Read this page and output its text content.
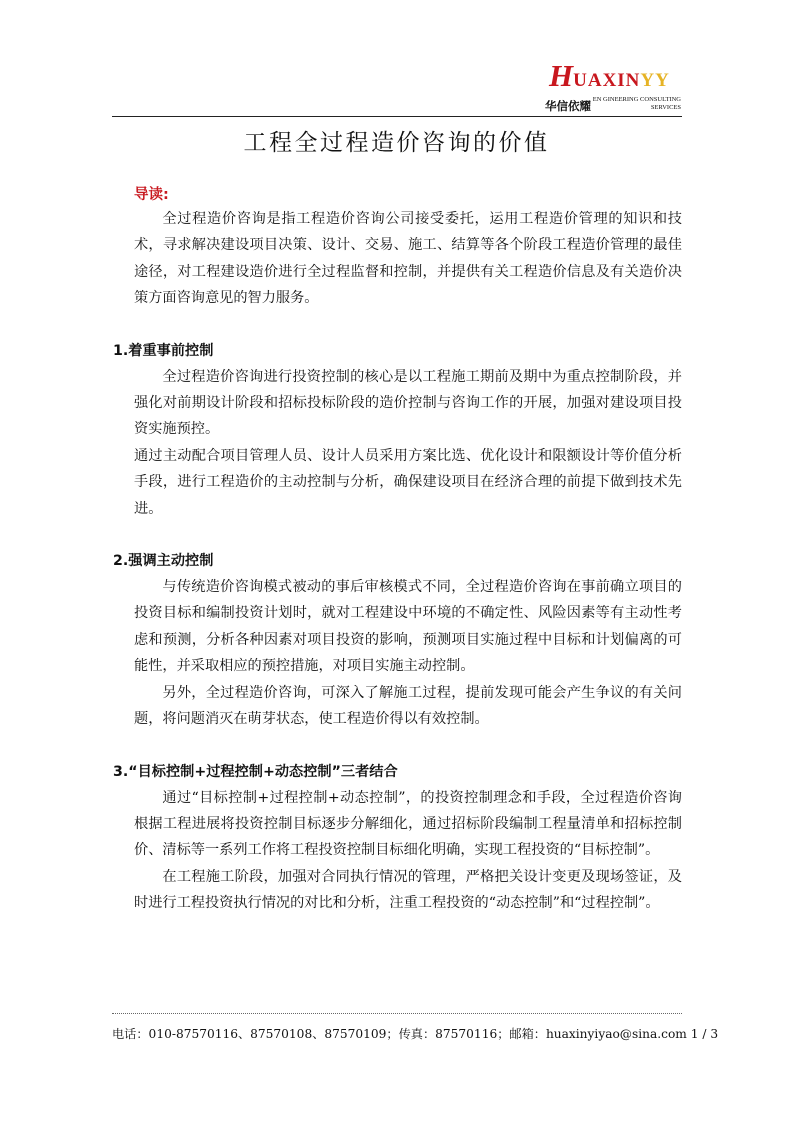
HUAXINYY
EN GINEERING CONSULTING
SERVICES
华信依耀
工程全过程造价咨询的价值

导读:

全过程造价咨询是指工程造价咨询公司接受委托，运用工程造价管理的知识和技术，寻求解决建设项目决策、设计、交易、施工、结算等各个阶段工程造价管理的最佳途径，对工程建设造价进行全过程监督和控制，并提供有关工程造价信息及有关造价决策方面咨询意见的智力服务。

1.着重事前控制

全过程造价咨询进行投资控制的核心是以工程施工期前及期中为重点控制阶段，并强化对前期设计阶段和招标投标阶段的造价控制与咨询工作的开展，加强对建设项目投资实施预控。

通过主动配合项目管理人员、设计人员采用方案比选、优化设计和限额设计等价值分析手段，进行工程造价的主动控制与分析，确保建设项目在经济合理的前提下做到技术先进。

2.强调主动控制

与传统造价咨询模式被动的事后审核模式不同，全过程造价咨询在事前确立项目的投资目标和编制投资计划时，就对工程建设中环境的不确定性、风险因素等有主动性考虑和预测，分析各种因素对项目投资的影响，预测项目实施过程中目标和计划偏离的可能性，并采取相应的预控措施，对项目实施主动控制。

另外，全过程造价咨询，可深入了解施工过程，提前发现可能会产生争议的有关问题，将问题消灭在萌芽状态，使工程造价得以有效控制。

3.“目标控制+过程控制+动态控制”三者结合

通过“目标控制+过程控制+动态控制”，的投资控制理念和手段，全过程造价咨询根据工程进展将投资控制目标逐步分解细化，通过招标阶段编制工程量清单和招标控制价、清标等一系列工作将工程投资控制目标细化明确，实现工程投资的“目标控制”。

在工程施工阶段，加强对合同执行情况的管理，严格把关设计变更及现场签证，及时进行工程投资执行情况的对比和分析，注重工程投资的“动态控制”和“过程控制”。

电话：010-87570116、87570108、87570109；传真：87570116；邮箱：huaxinyiyao@sina.com 1 / 3
